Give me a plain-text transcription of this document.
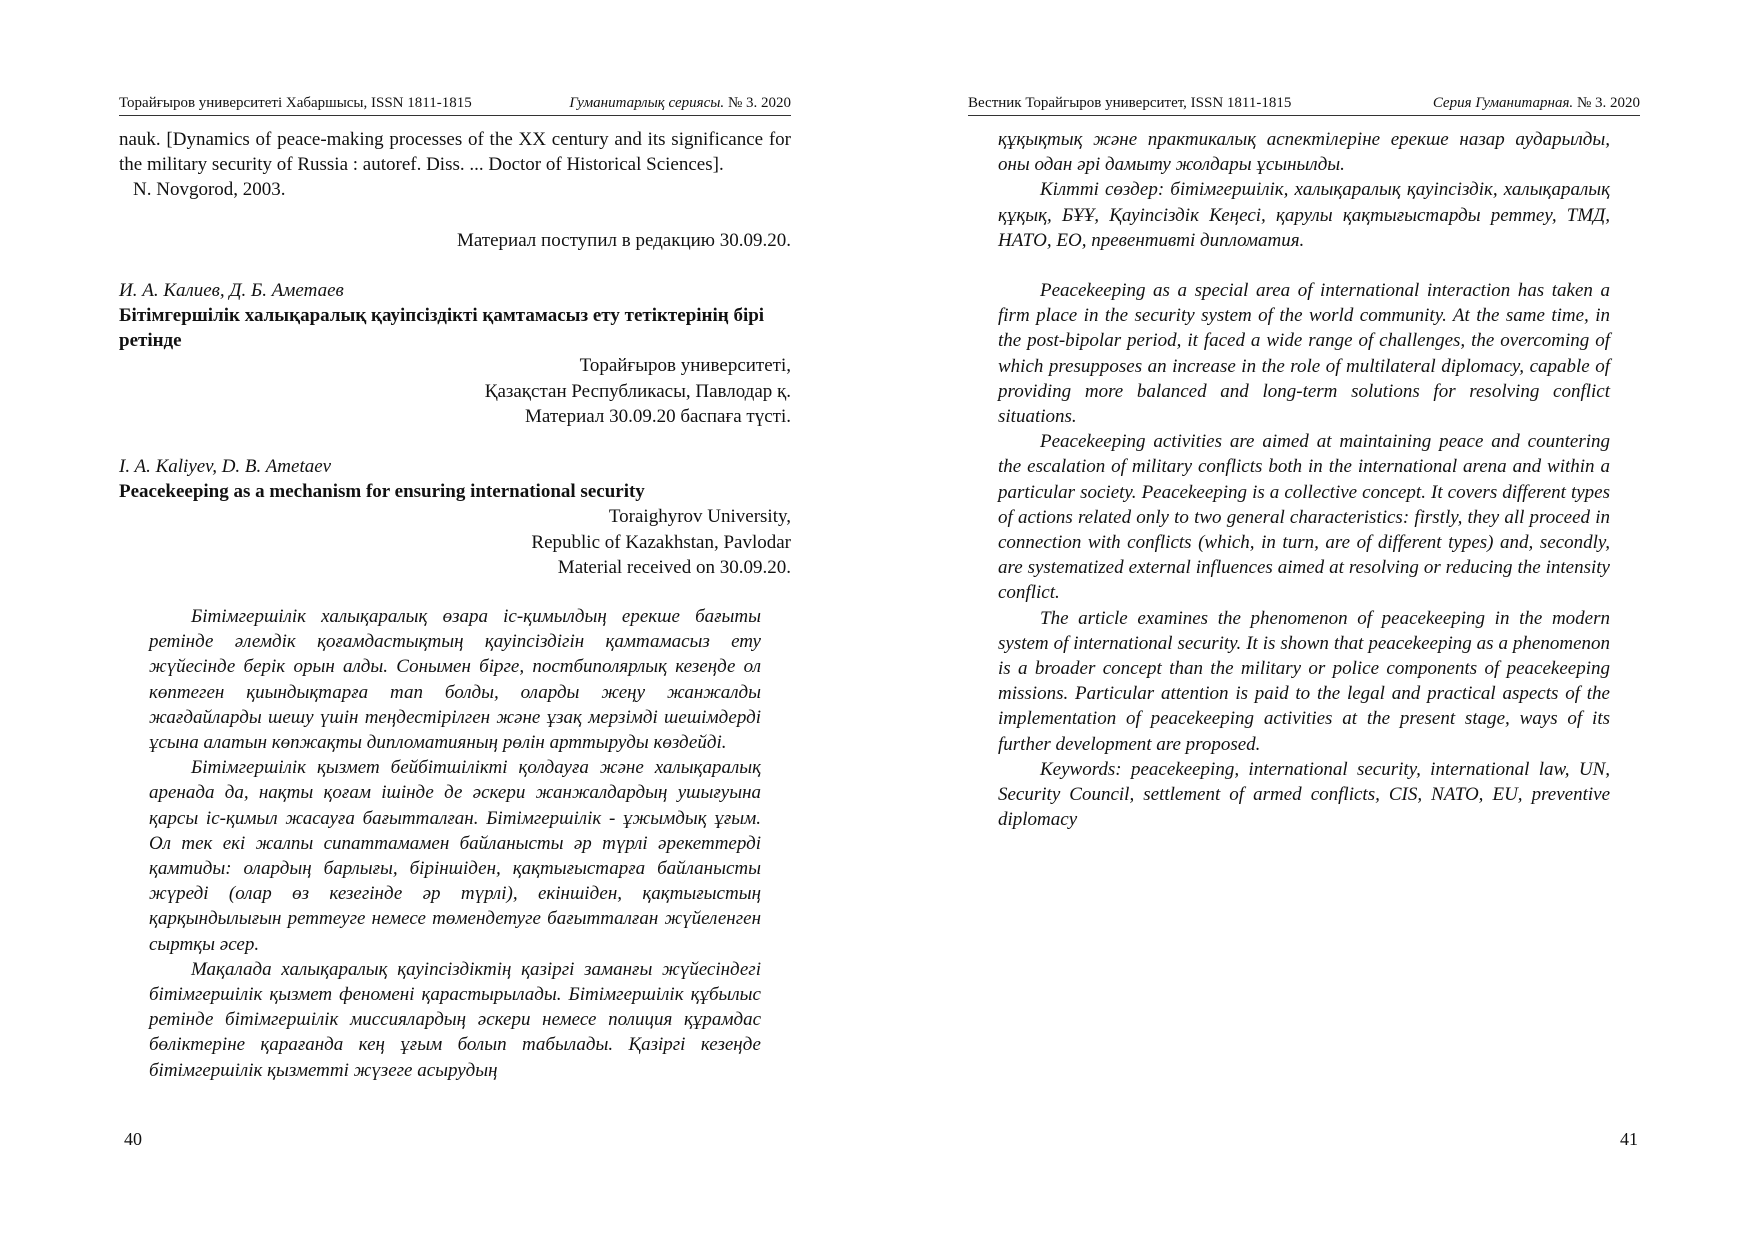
Торайғыров университеті Хабаршысы, ISSN 1811-1815	Гуманитарлық сериясы. № 3. 2020

nauk. [Dynamics of peace-making processes of the XX century and its significance for the military security of Russia : autoref. Diss. ... Doctor of Historical Sciences].

N. Novgorod, 2003.

Материал поступил в редакцию 30.09.20.

И. А. Калиев, Д. Б. Аметаев

Бітімгершілік халықаралық қауіпсіздікті қамтамасыз ету тетіктерінің бірі ретінде

Торайғыров университеті,

Қазақстан Республикасы, Павлодар қ.

Материал 30.09.20 баспаға түсті.

I. A. Kaliyev, D. B. Ametaev

Peacekeeping as a mechanism for ensuring international security

Toraighyrov University,

Republic of Kazakhstan, Pavlodar

Material received on 30.09.20.

Бітімгершілік халықаралық өзара іс-қимылдың ерекше бағыты ретінде әлемдік қоғамдастықтың қауіпсіздігін қамтамасыз ету жүйесінде берік орын алды. Сонымен бірге, постбиполярлық кезеңде ол көптеген қиындықтарға тап болды, оларды жеңу жанжалды жағдайларды шешу үшін теңдестірілген және ұзақ мерзімді шешімдерді ұсына алатын көпжақты дипломатияның рөлін арттыруды көздейді.

Бітімгершілік қызмет бейбітшілікті қолдауға және халықаралық аренада да, нақты қоғам ішінде де әскери жанжалдардың ушығуына қарсы іс-қимыл жасауға бағытталған. Бітімгершілік - ұжымдық ұғым. Ол тек екі жалпы сипаттамамен байланысты әр түрлі әрекеттерді қамтиды: олардың барлығы, біріншіден, қақтығыстарға байланысты жүреді (олар өз кезегінде әр түрлі), екіншіден, қақтығыстың қарқындылығын реттеуге немесе төмендетуге бағытталған жүйеленген сыртқы әсер.

Мақалада халықаралық қауіпсіздіктің қазіргі заманғы жүйесіндегі бітімгершілік қызмет феномені қарастырылады. Бітімгершілік құбылыс ретінде бітімгершілік миссиялардың әскери немесе полиция құрамдас бөліктеріне қарағанда кең ұғым болып табылады. Қазіргі кезеңде бітімгершілік қызметті жүзеге асырудың

40
Вестник Торайгыров университет, ISSN 1811-1815	Серия Гуманитарная. № 3. 2020

құқықтық және практикалық аспектілеріне ерекше назар аударылды, оны одан әрі дамыту жолдары ұсынылды.

Кілтті сөздер: бітімгершілік, халықаралық қауіпсіздік, халықаралық құқық, БҰҰ, Қауіпсіздік Кеңесі, қарулы қақтығыстарды реттеу, ТМД, НАТО, ЕО, превентивті дипломатия.

Peacekeeping as a special area of international interaction has taken a firm place in the security system of the world community. At the same time, in the post-bipolar period, it faced a wide range of challenges, the overcoming of which presupposes an increase in the role of multilateral diplomacy, capable of providing more balanced and long-term solutions for resolving conflict situations.

Peacekeeping activities are aimed at maintaining peace and countering the escalation of military conflicts both in the international arena and within a particular society. Peacekeeping is a collective concept. It covers different types of actions related only to two general characteristics: firstly, they all proceed in connection with conflicts (which, in turn, are of different types) and, secondly, are systematized external influences aimed at resolving or reducing the intensity conflict.

The article examines the phenomenon of peacekeeping in the modern system of international security. It is shown that peacekeeping as a phenomenon is a broader concept than the military or police components of peacekeeping missions. Particular attention is paid to the legal and practical aspects of the implementation of peacekeeping activities at the present stage, ways of its further development are proposed.

Keywords: peacekeeping, international security, international law, UN, Security Council, settlement of armed conflicts, CIS, NATO, EU, preventive diplomacy

41
